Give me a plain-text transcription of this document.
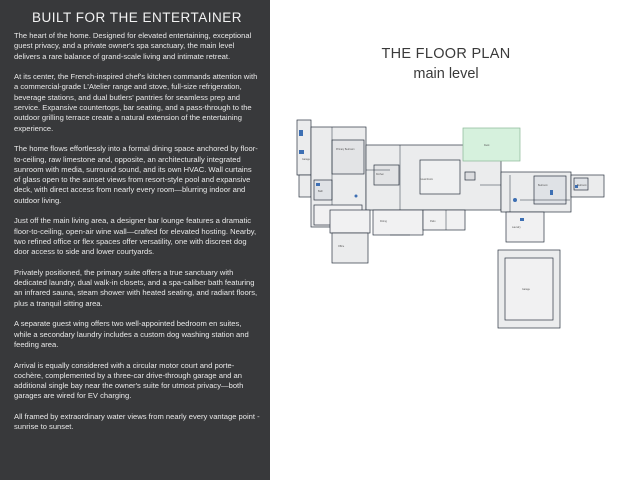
BUILT FOR THE ENTERTAINER

The heart of the home. Designed for elevated entertaining, exceptional guest privacy, and a private owner's spa sanctuary, the main level delivers a rare balance of grand-scale living and intimate retreat.

At its center, the French-inspired chef's kitchen commands attention with a commercial-grade L'Atelier range and stove, full-size refrigeration, beverage stations, and dual butlers' pantries for seamless prep and service. Expansive countertops, bar seating, and a pass-through to the outdoor grilling terrace create a natural extension of the entertaining experience.

The home flows effortlessly into a formal dining space anchored by floor-to-ceiling, raw limestone and, opposite, an architecturally integrated sunroom with media, surround sound, and its own HVAC. Wall curtains of glass open to the sunset views from resort-style pool and expansive deck, with direct access from nearly every room—blurring indoor and outdoor living.

Just off the main living area, a designer bar lounge features a dramatic floor-to-ceiling, open-air wine wall—crafted for elevated hosting. Nearby, two refined office or flex spaces offer versatility, one with discreet dog door access to side and lower courtyards.

Privately positioned, the primary suite offers a true sanctuary with dedicated laundry, dual walk-in closets, and a spa-caliber bath featuring an infrared sauna, steam shower with heated seating, and radiant floors, plus a tranquil sitting area.

A separate guest wing offers two well-appointed bedroom en suites, while a secondary laundry includes a custom dog washing station and feeding area.

Arrival is equally considered with a circular motor court and porte-cochère, complemented by a three-car drive-through garage and an additional single bay near the owner's suite for utmost privacy—both garages are wired for EV charging.

All framed by extraordinary water views from nearly every vantage point - sunrise to sunset.

THE FLOOR PLAN
main level
Garage
Primary Bedroom
Great Room
Kitchen
Deck
Bedroom	Bedroom
Office
Bath
Laundry
Garage
Patio
Dining
